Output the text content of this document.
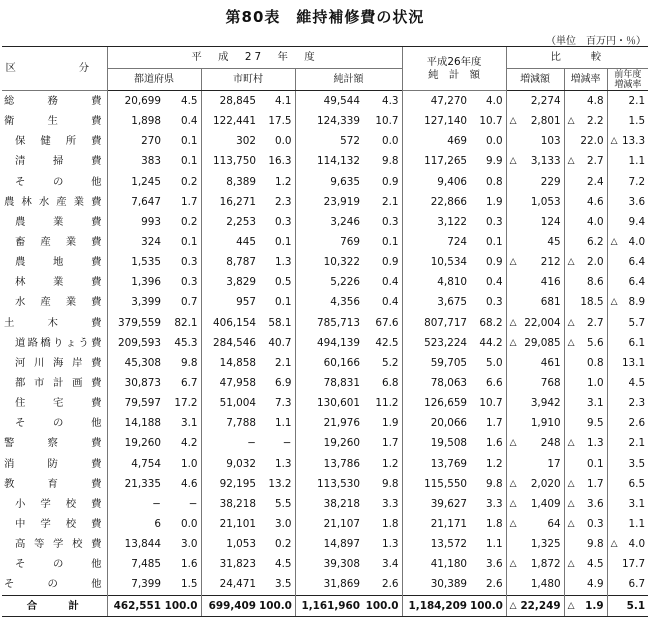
第80表　維持補修費の状況
（単位　百万円・％）
区　　分	平　成　27　年　度						平成26年度
純　計　額		比　　較		
	都道府県		市町村		純計額				増減額	増減率	前年度
増減率
総務費	20,699	4.5	28,845	4.1	49,544	4.3	47,270	4.0	2,274	4.8	2.1
衛生費	1,898	0.4	122,441	17.5	124,339	10.7	127,140	10.7	△ 2,801	△ 2.2	1.5
保健所費	270	0.1	302	0.0	572	0.0	469	0.0	103	22.0	△ 13.3
清掃費	383	0.1	113,750	16.3	114,132	9.8	117,265	9.9	△ 3,133	△ 2.7	1.1
その他	1,245	0.2	8,389	1.2	9,635	0.9	9,406	0.8	229	2.4	7.2
農林水産業費	7,647	1.7	16,271	2.3	23,919	2.1	22,866	1.9	1,053	4.6	3.6
農業費	993	0.2	2,253	0.3	3,246	0.3	3,122	0.3	124	4.0	9.4
畜産業費	324	0.1	445	0.1	769	0.1	724	0.1	45	6.2	△ 4.0
農地費	1,535	0.3	8,787	1.3	10,322	0.9	10,534	0.9	△ 212	△ 2.0	6.4
林業費	1,396	0.3	3,829	0.5	5,226	0.4	4,810	0.4	416	8.6	6.4
水産業費	3,399	0.7	957	0.1	4,356	0.4	3,675	0.3	681	18.5	△ 8.9
土木費	379,559	82.1	406,154	58.1	785,713	67.6	807,717	68.2	△ 22,004	△ 2.7	5.7
道路橋りょう費	209,593	45.3	284,546	40.7	494,139	42.5	523,224	44.2	△ 29,085	△ 5.6	6.1
河川海岸費	45,308	9.8	14,858	2.1	60,166	5.2	59,705	5.0	461	0.8	13.1
都市計画費	30,873	6.7	47,958	6.9	78,831	6.8	78,063	6.6	768	1.0	4.5
住宅費	79,597	17.2	51,004	7.3	130,601	11.2	126,659	10.7	3,942	3.1	2.3
その他	14,188	3.1	7,788	1.1	21,976	1.9	20,066	1.7	1,910	9.5	2.6
警察費	19,260	4.2	−	−	19,260	1.7	19,508	1.6	△ 248	△ 1.3	2.1
消防費	4,754	1.0	9,032	1.3	13,786	1.2	13,769	1.2	17	0.1	3.5
教育費	21,335	4.6	92,195	13.2	113,530	9.8	115,550	9.8	△ 2,020	△ 1.7	6.5
小学校費	−	−	38,218	5.5	38,218	3.3	39,627	3.3	△ 1,409	△ 3.6	3.1
中学校費	6	0.0	21,101	3.0	21,107	1.8	21,171	1.8	△ 64	△ 0.3	1.1
高等学校費	13,844	3.0	1,053	0.2	14,897	1.3	13,572	1.1	1,325	9.8	△ 4.0
その他	7,485	1.6	31,823	4.5	39,308	3.4	41,180	3.6	△ 1,872	△ 4.5	17.7
その他	7,399	1.5	24,471	3.5	31,869	2.6	30,389	2.6	1,480	4.9	6.7
合　　　計	462,551	100.0	699,409	100.0	1,161,960	100.0	1,184,209	100.0	△ 22,249	△ 1.9	5.1
